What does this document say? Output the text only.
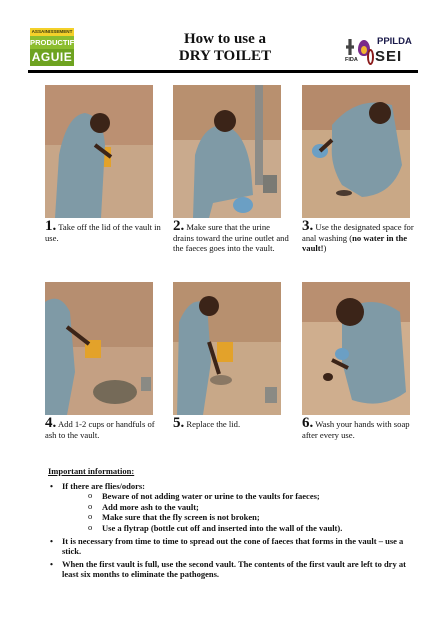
ASSAINISSEMENT
PRODUCTIF
AGUIE
How to use a
DRY TOILET	FIDA
PPILDA
SEI
1. Take off the lid of the vault in use.
2. Make sure that the urine drains toward the urine outlet and the faeces goes into the vault.
3. Use the designated space for anal washing (no water in the vault!)
4. Add 1-2 cups or handfuls of ash to the vault.
5. Replace the lid.	6. Wash your hands with soap after every use.
Important information:
• If there are flies/odors:
o Beware of not adding water or urine to the vaults for faeces;
o Add more ash to the vault;
o Make sure that the fly screen is not broken;
o Use a flytrap (bottle cut off and inserted into the wall of the vault).
• It is necessary from time to time to spread out the cone of faeces that forms in the vault – use a stick.
• When the first vault is full, use the second vault. The contents of the first vault are left to dry at least six months to eliminate the pathogens.
